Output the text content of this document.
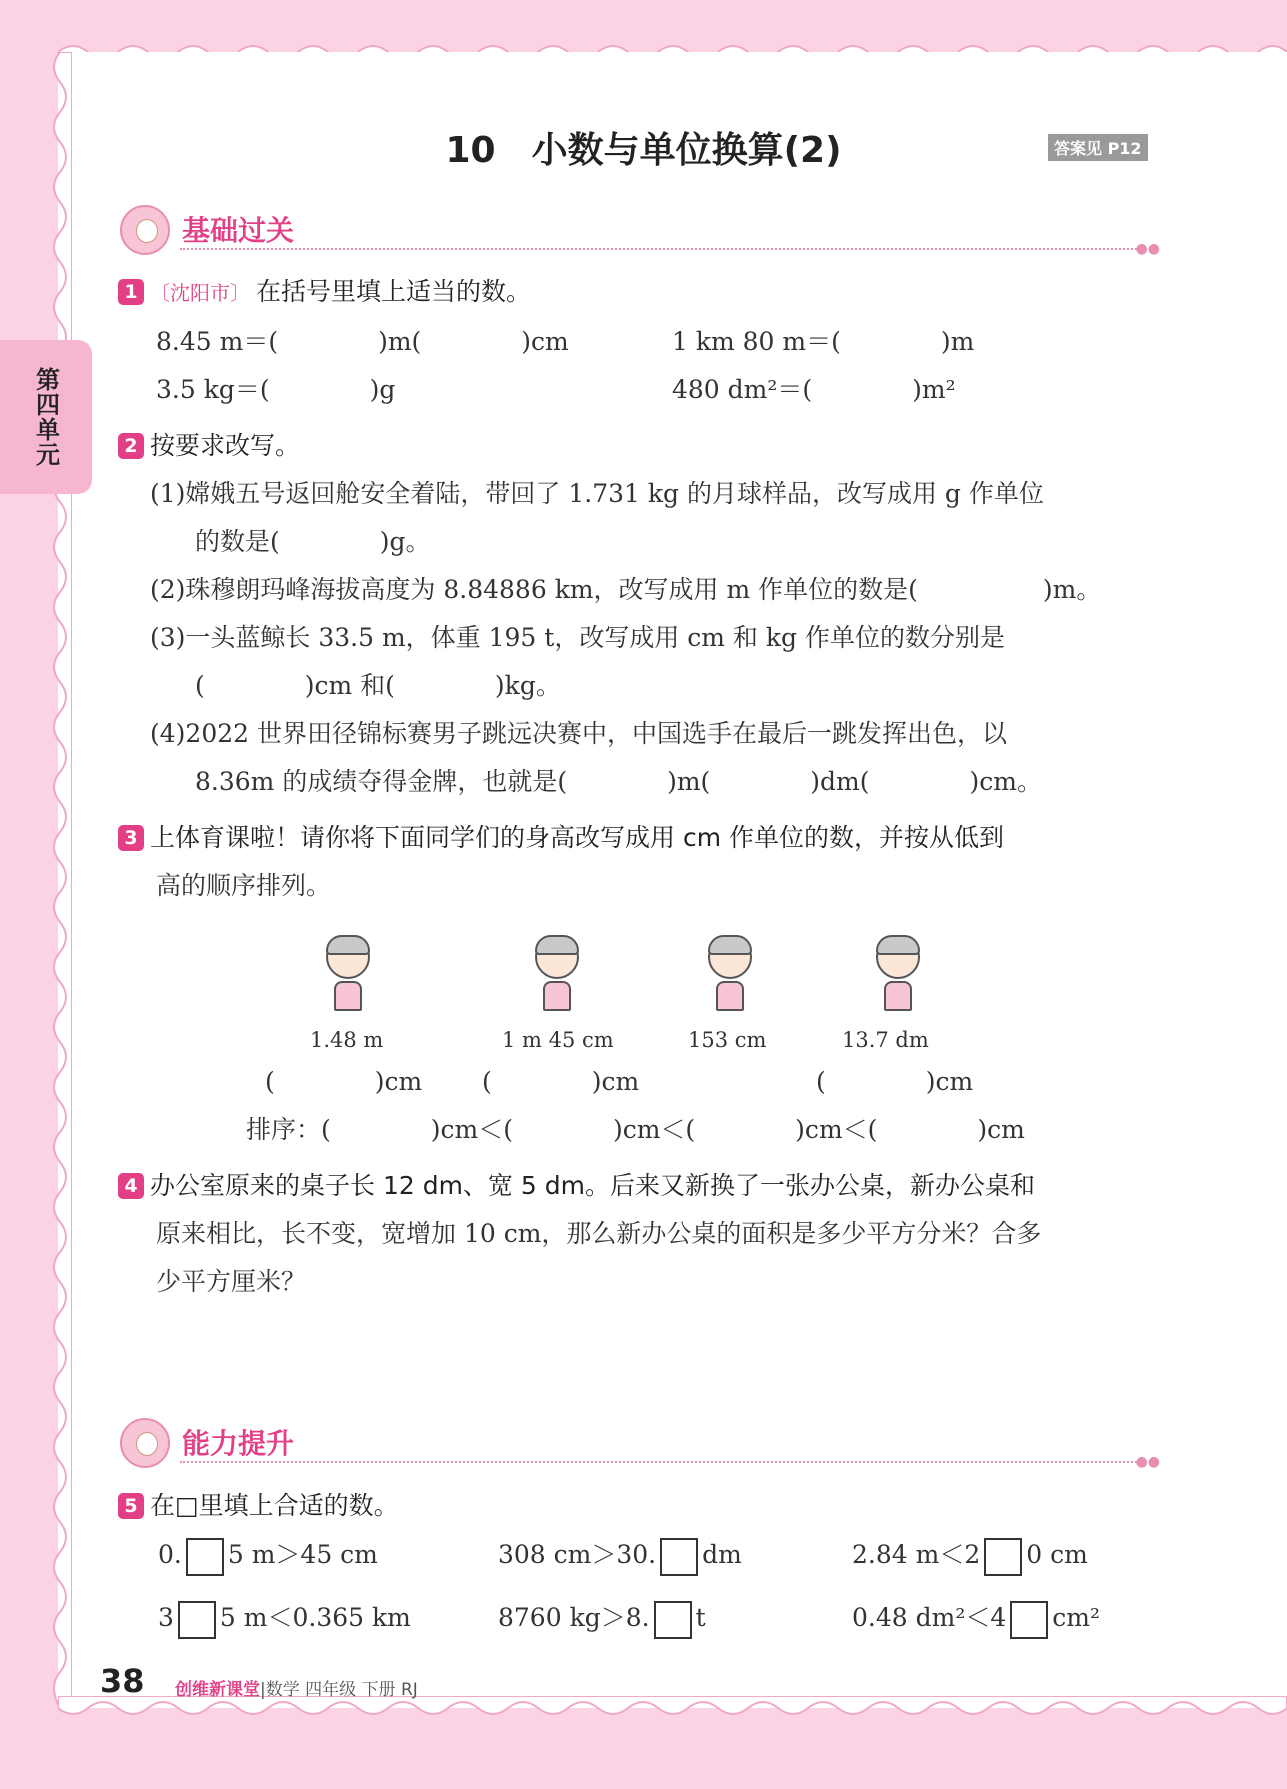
第四单元
10　小数与单位换算(2)	答案见 P12
基础过关
●●
1 〔沈阳市〕 在括号里填上适当的数。
8.45 m＝(　　　　)m(　　　　)cm	1 km 80 m＝(　　　　)m
3.5 kg＝(　　　　)g	480 dm²＝(　　　　)m²
2 按要求改写。
(1)嫦娥五号返回舱安全着陆，带回了 1.731 kg 的月球样品，改写成用 g 作单位
的数是(　　　　)g。
(2)珠穆朗玛峰海拔高度为 8.84886 km，改写成用 m 作单位的数是(　　　　　)m。
(3)一头蓝鲸长 33.5 m，体重 195 t，改写成用 cm 和 kg 作单位的数分别是
(　　　　)cm 和(　　　　)kg。
(4)2022 世界田径锦标赛男子跳远决赛中，中国选手在最后一跳发挥出色，以
8.36m 的成绩夺得金牌，也就是(　　　　)m(　　　　)dm(　　　　)cm。
3 上体育课啦！请你将下面同学们的身高改写成用 cm 作单位的数，并按从低到
高的顺序排列。
1.48 m	1 m 45 cm	153 cm	13.7 dm
(　　　　)cm (　　　　)cm	(　　　　)cm
排序：(　　　　)cm＜(　　　　)cm＜(　　　　)cm＜(　　　　)cm
4 办公室原来的桌子长 12 dm、宽 5 dm。后来又新换了一张办公桌，新办公桌和
原来相比，长不变，宽增加 10 cm，那么新办公桌的面积是多少平方分米？合多
少平方厘米？
能力提升
●●
5 在□里填上合适的数。
0. 5 m＞45 cm	308 cm＞30. dm	2.84 m＜2 0 cm
3 5 m＜0.365 km	8760 kg＞8. t	0.48 dm²＜4 cm²
38 创维新课堂|数学 四年级 下册 RJ
